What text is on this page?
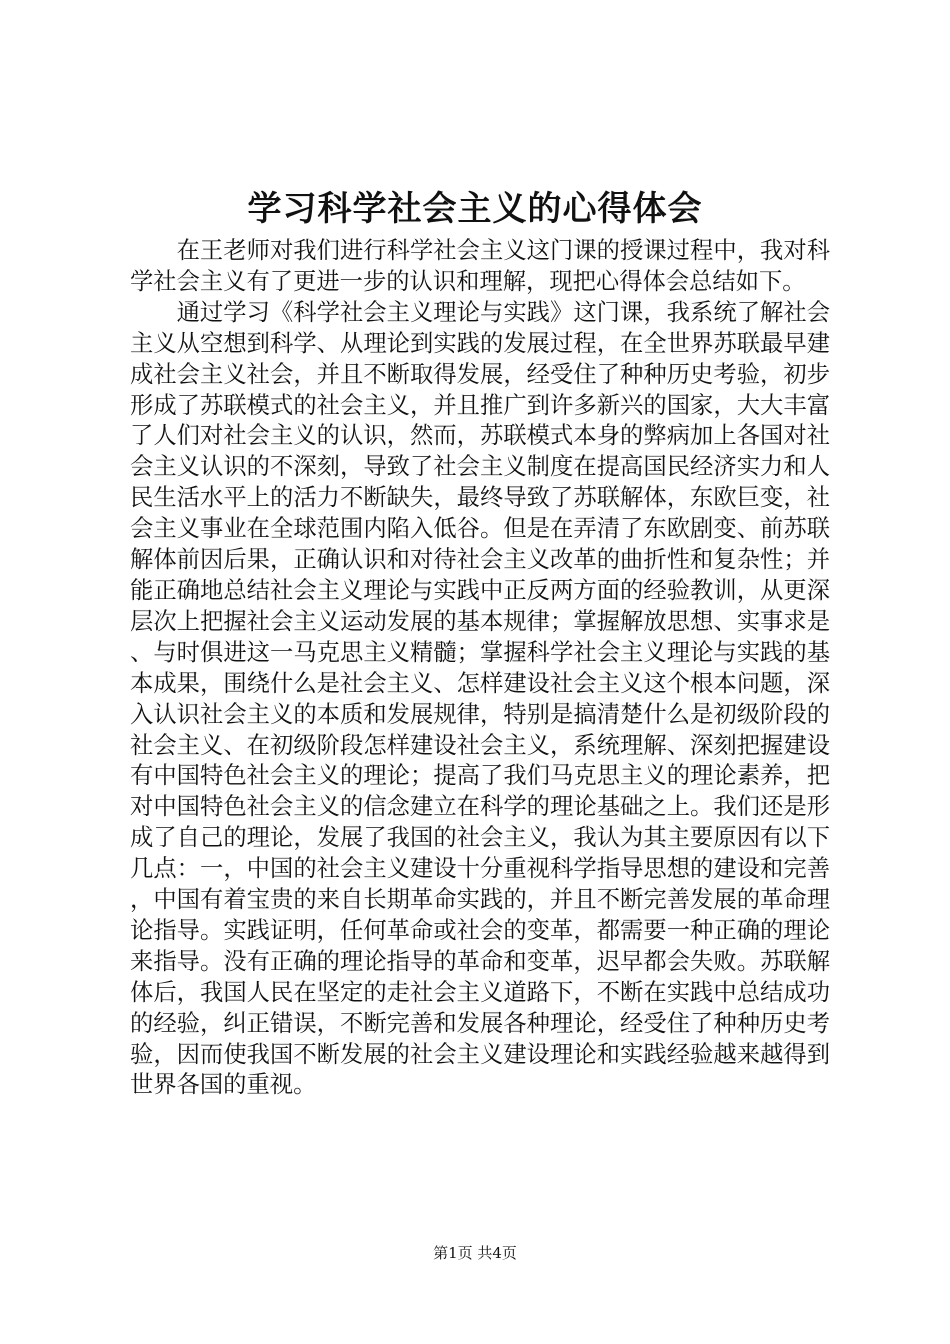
学习科学社会主义的心得体会

在王老师对我们进行科学社会主义这门课的授课过程中，我对科学社会主义有了更进一步的认识和理解，现把心得体会总结如下。

通过学习《科学社会主义理论与实践》这门课，我系统了解社会主义从空想到科学、从理论到实践的发展过程，在全世界苏联最早建成社会主义社会，并且不断取得发展，经受住了种种历史考验，初步形成了苏联模式的社会主义，并且推广到许多新兴的国家，大大丰富了人们对社会主义的认识，然而，苏联模式本身的弊病加上各国对社会主义认识的不深刻，导致了社会主义制度在提高国民经济实力和人民生活水平上的活力不断缺失，最终导致了苏联解体，东欧巨变，社会主义事业在全球范围内陷入低谷。但是在弄清了东欧剧变、前苏联解体前因后果，正确认识和对待社会主义改革的曲折性和复杂性；并能正确地总结社会主义理论与实践中正反两方面的经验教训，从更深层次上把握社会主义运动发展的基本规律；掌握解放思想、实事求是、与时俱进这一马克思主义精髓；掌握科学社会主义理论与实践的基本成果，围绕什么是社会主义、怎样建设社会主义这个根本问题，深入认识社会主义的本质和发展规律，特别是搞清楚什么是初级阶段的社会主义、在初级阶段怎样建设社会主义，系统理解、深刻把握建设有中国特色社会主义的理论；提高了我们马克思主义的理论素养，把对中国特色社会主义的信念建立在科学的理论基础之上。我们还是形成了自己的理论，发展了我国的社会主义，我认为其主要原因有以下几点：一，中国的社会主义建设十分重视科学指导思想的建设和完善，中国有着宝贵的来自长期革命实践的，并且不断完善发展的革命理论指导。实践证明，任何革命或社会的变革，都需要一种正确的理论来指导。没有正确的理论指导的革命和变革，迟早都会失败。苏联解体后，我国人民在坚定的走社会主义道路下，不断在实践中总结成功的经验，纠正错误，不断完善和发展各种理论，经受住了种种历史考验，因而使我国不断发展的社会主义建设理论和实践经验越来越得到世界各国的重视。

第1页 共4页
